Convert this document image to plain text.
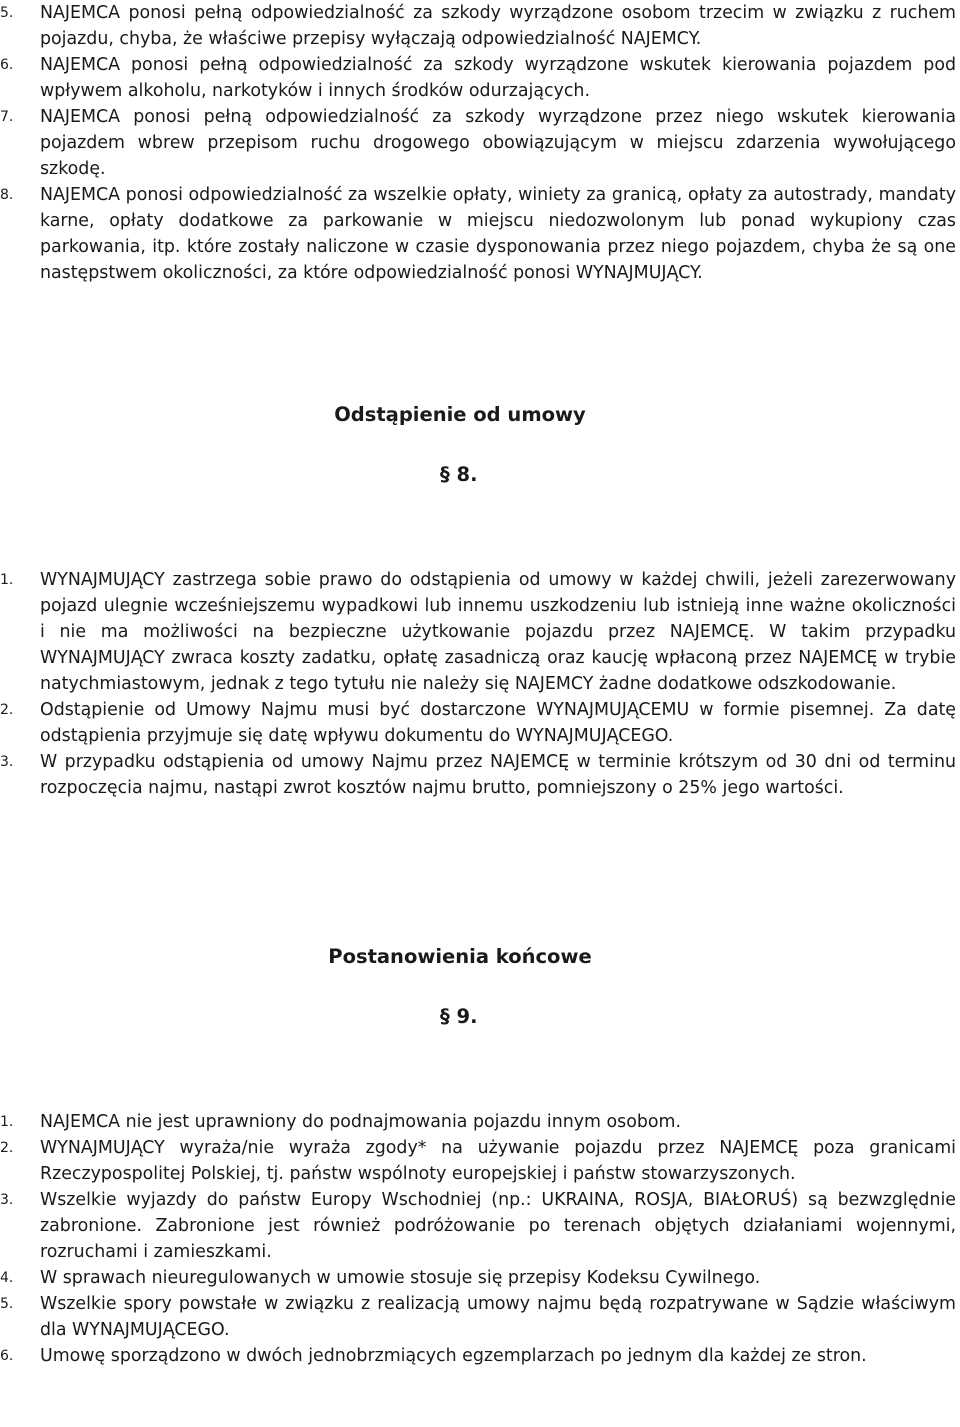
5. NAJEMCA ponosi pełną odpowiedzialność za szkody wyrządzone osobom trzecim w związku z ruchem pojazdu, chyba, że właściwe przepisy wyłączają odpowiedzialność NAJEMCY.
6. NAJEMCA ponosi pełną odpowiedzialność za szkody wyrządzone wskutek kierowania pojazdem pod wpływem alkoholu, narkotyków i innych środków odurzających.
7. NAJEMCA ponosi pełną odpowiedzialność za szkody wyrządzone przez niego wskutek kierowania pojazdem wbrew przepisom ruchu drogowego obowiązującym w miejscu zdarzenia wywołującego szkodę.
8. NAJEMCA ponosi odpowiedzialność za wszelkie opłaty, winiety za granicą, opłaty za autostrady, mandaty karne, opłaty dodatkowe za parkowanie w miejscu niedozwolonym lub ponad wykupiony czas parkowania, itp. które zostały naliczone w czasie dysponowania przez niego pojazdem, chyba że są one następstwem okoliczności, za które odpowiedzialność ponosi WYNAJMUJĄCY.
Odstąpienie od umowy
§ 8.
1. WYNAJMUJĄCY zastrzega sobie prawo do odstąpienia od umowy w każdej chwili, jeżeli zarezerwowany pojazd ulegnie wcześniejszemu wypadkowi lub innemu uszkodzeniu lub istnieją inne ważne okoliczności i nie ma możliwości na bezpieczne użytkowanie pojazdu przez NAJEMCĘ. W takim przypadku WYNAJMUJĄCY zwraca koszty zadatku, opłatę zasadniczą oraz kaucję wpłaconą przez NAJEMCĘ w trybie natychmiastowym, jednak z tego tytułu nie należy się NAJEMCY żadne dodatkowe odszkodowanie.
2. Odstąpienie od Umowy Najmu musi być dostarczone WYNAJMUJĄCEMU w formie pisemnej. Za datę odstąpienia przyjmuje się datę wpływu dokumentu do WYNAJMUJĄCEGO.
3. W przypadku odstąpienia od umowy Najmu przez NAJEMCĘ w terminie krótszym od 30 dni od terminu rozpoczęcia najmu, nastąpi zwrot kosztów najmu brutto, pomniejszony o 25% jego wartości.
Postanowienia końcowe
§ 9.
1. NAJEMCA nie jest uprawniony do podnajmowania pojazdu innym osobom.
2. WYNAJMUJĄCY wyraża/nie wyraża zgody* na używanie pojazdu przez NAJEMCĘ poza granicami Rzeczypospolitej Polskiej, tj. państw wspólnoty europejskiej i państw stowarzyszonych.
3. Wszelkie wyjazdy do państw Europy Wschodniej (np.: UKRAINA, ROSJA, BIAŁORUŚ) są bezwzględnie zabronione. Zabronione jest również podróżowanie po terenach objętych działaniami wojennymi, rozruchami i zamieszkami.
4. W sprawach nieuregulowanych w umowie stosuje się przepisy Kodeksu Cywilnego.
5. Wszelkie spory powstałe w związku z realizacją umowy najmu będą rozpatrywane w Sądzie właściwym dla WYNAJMUJĄCEGO.
6. Umowę sporządzono w dwóch jednobrzmiących egzemplarzach po jednym dla każdej ze stron.
